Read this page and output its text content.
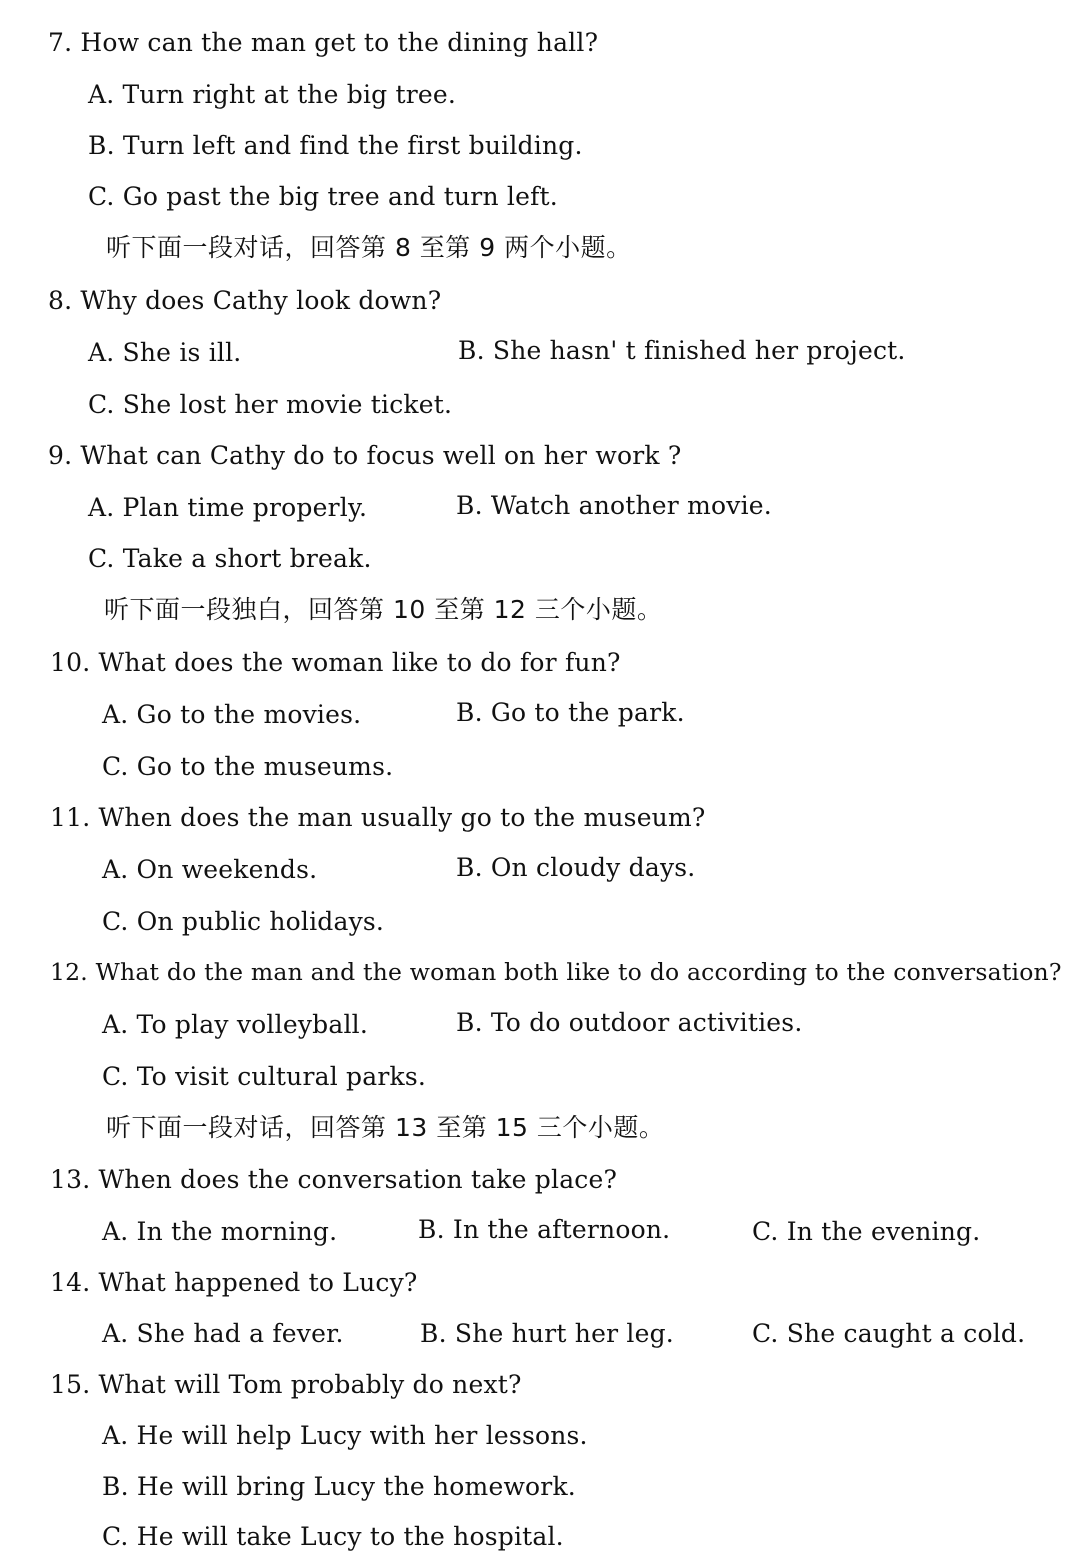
7. How can the man get to the dining hall?
A. Turn right at the big tree.
B. Turn left and find the first building.
C. Go past the big tree and turn left.
听下面一段对话，回答第 8 至第 9 两个小题。
8. Why does Cathy look down?
A. She is ill.	B. She hasn' t finished her project.
C. She lost her movie ticket.
9. What can Cathy do to focus well on her work ?
A. Plan time properly.	B. Watch another movie.
C. Take a short break.
听下面一段独白，回答第 10 至第 12 三个小题。
10. What does the woman like to do for fun?
A. Go to the movies.	B. Go to the park.
C. Go to the museums.
11. When does the man usually go to the museum?
A. On weekends.	B. On cloudy days.
C. On public holidays.
12. What do the man and the woman both like to do according to the conversation?
A. To play volleyball.	B. To do outdoor activities.
C. To visit cultural parks.
听下面一段对话，回答第 13 至第 15 三个小题。
13. When does the conversation take place?
A. In the morning.	B. In the afternoon.	C. In the evening.
14. What happened to Lucy?
A. She had a fever.	B. She hurt her leg.	C. She caught a cold.
15. What will Tom probably do next?
A. He will help Lucy with her lessons.
B. He will bring Lucy the homework.
C. He will take Lucy to the hospital.
